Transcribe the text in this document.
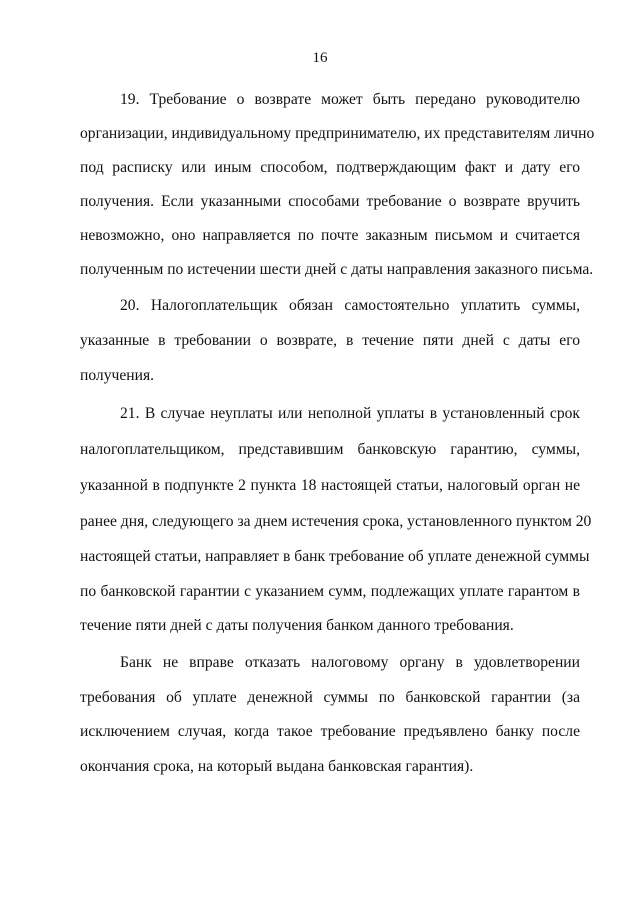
16
19. Требование о возврате может быть передано руководителю
организации, индивидуальному предпринимателю, их представителям лично
под расписку или иным способом, подтверждающим факт и дату его
получения. Если указанными способами требование о возврате вручить
невозможно, оно направляется по почте заказным письмом и считается
полученным по истечении шести дней с даты направления заказного письма.
20. Налогоплательщик обязан самостоятельно уплатить суммы,
указанные в требовании о возврате, в течение пяти дней с даты его
получения.
21. В случае неуплаты или неполной уплаты в установленный срок
налогоплательщиком, представившим банковскую гарантию, суммы,
указанной в подпункте 2 пункта 18 настоящей статьи, налоговый орган не
ранее дня, следующего за днем истечения срока, установленного пунктом 20
настоящей статьи, направляет в банк требование об уплате денежной суммы
по банковской гарантии с указанием сумм, подлежащих уплате гарантом в
течение пяти дней с даты получения банком данного требования.
Банк не вправе отказать налоговому органу в удовлетворении
требования об уплате денежной суммы по банковской гарантии (за
исключением случая, когда такое требование предъявлено банку после
окончания срока, на который выдана банковская гарантия).
